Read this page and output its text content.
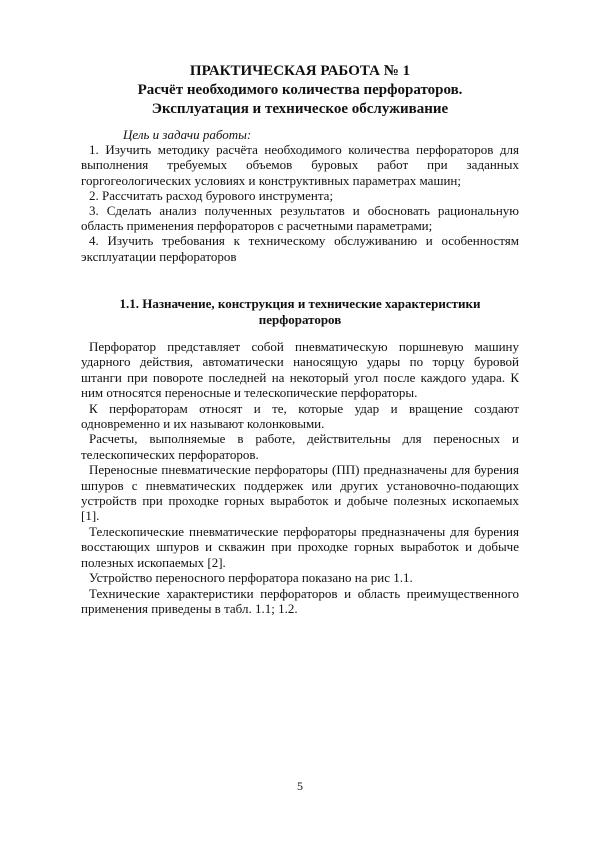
ПРАКТИЧЕСКАЯ РАБОТА № 1
Расчёт необходимого количества перфораторов.
Эксплуатация и техническое обслуживание
Цель и задачи работы:

1. Изучить методику расчёта необходимого количества перфораторов для выполнения требуемых объемов буровых работ при заданных горгогеологических условиях и конструктивных параметрах машин;

2. Рассчитать расход бурового инструмента;

3. Сделать анализ полученных результатов и обосновать рациональную область применения перфораторов с расчетными параметрами;

4. Изучить требования к техническому обслуживанию и особенностям эксплуатации перфораторов

1.1. Назначение, конструкция и технические характеристики перфораторов

Перфоратор представляет собой пневматическую поршневую машину ударного действия, автоматически наносящую удары по торцу буровой штанги при повороте последней на некоторый угол после каждого удара. К ним относятся переносные и телескопические перфораторы.

К перфораторам относят и те, которые удар и вращение создают одновременно и их называют колонковыми.

Расчеты, выполняемые в работе, действительны для переносных и телескопических перфораторов.

Переносные пневматические перфораторы (ПП) предназначены для бурения шпуров с пневматических поддержек или других установочно-подающих устройств при проходке горных выработок и добыче полезных ископаемых [1].

Телескопические пневматические перфораторы предназначены для бурения восстающих шпуров и скважин при проходке горных выработок и добыче полезных ископаемых [2].

Устройство переносного перфоратора показано на рис 1.1.

Технические характеристики перфораторов и область преимущественного применения приведены в табл. 1.1; 1.2.

5
